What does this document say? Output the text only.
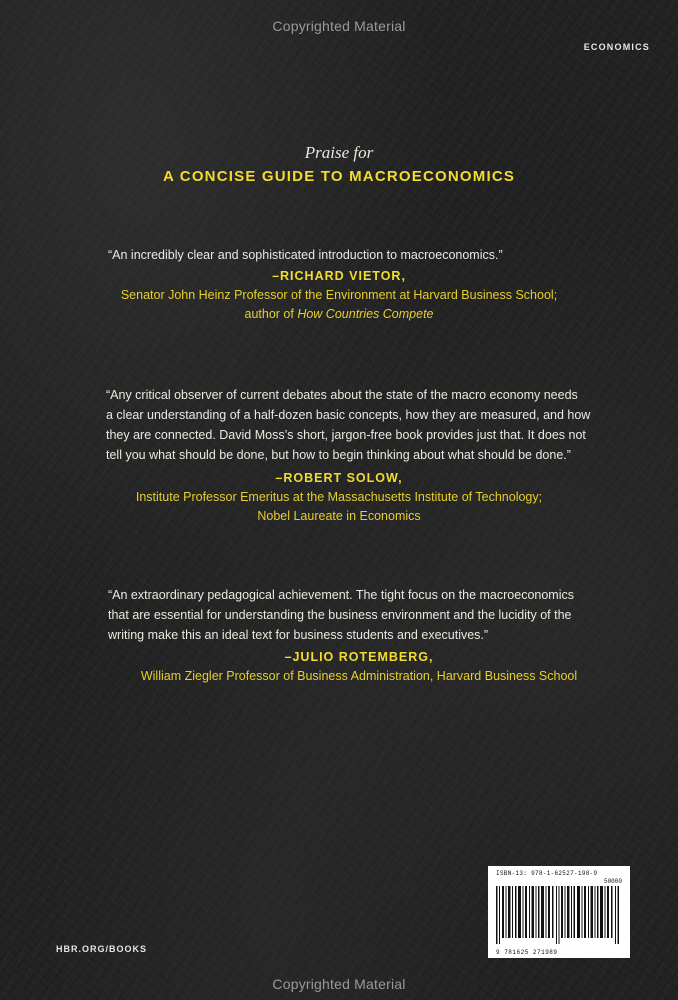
Copyrighted Material
ECONOMICS
Praise for
A CONCISE GUIDE TO MACROECONOMICS
“An incredibly clear and sophisticated introduction to macroeconomics.”
–RICHARD VIETOR,
Senator John Heinz Professor of the Environment at Harvard Business School;
author of How Countries Compete
“Any critical observer of current debates about the state of the macro economy needs
a clear understanding of a half-dozen basic concepts, how they are measured, and how
they are connected. David Moss’s short, jargon-free book provides just that. It does not
tell you what should be done, but how to begin thinking about what should be done.”
–ROBERT SOLOW,
Institute Professor Emeritus at the Massachusetts Institute of Technology;
Nobel Laureate in Economics
“An extraordinary pedagogical achievement. The tight focus on the macroeconomics
that are essential for understanding the business environment and the lucidity of the
writing make this an ideal text for business students and executives.”
–JULIO ROTEMBERG,
William Ziegler Professor of Business Administration, Harvard Business School
ISBN-13: 978-1-62527-198-9
50000
9 781625 271989
HBR.ORG/BOOKS
Copyrighted Material
